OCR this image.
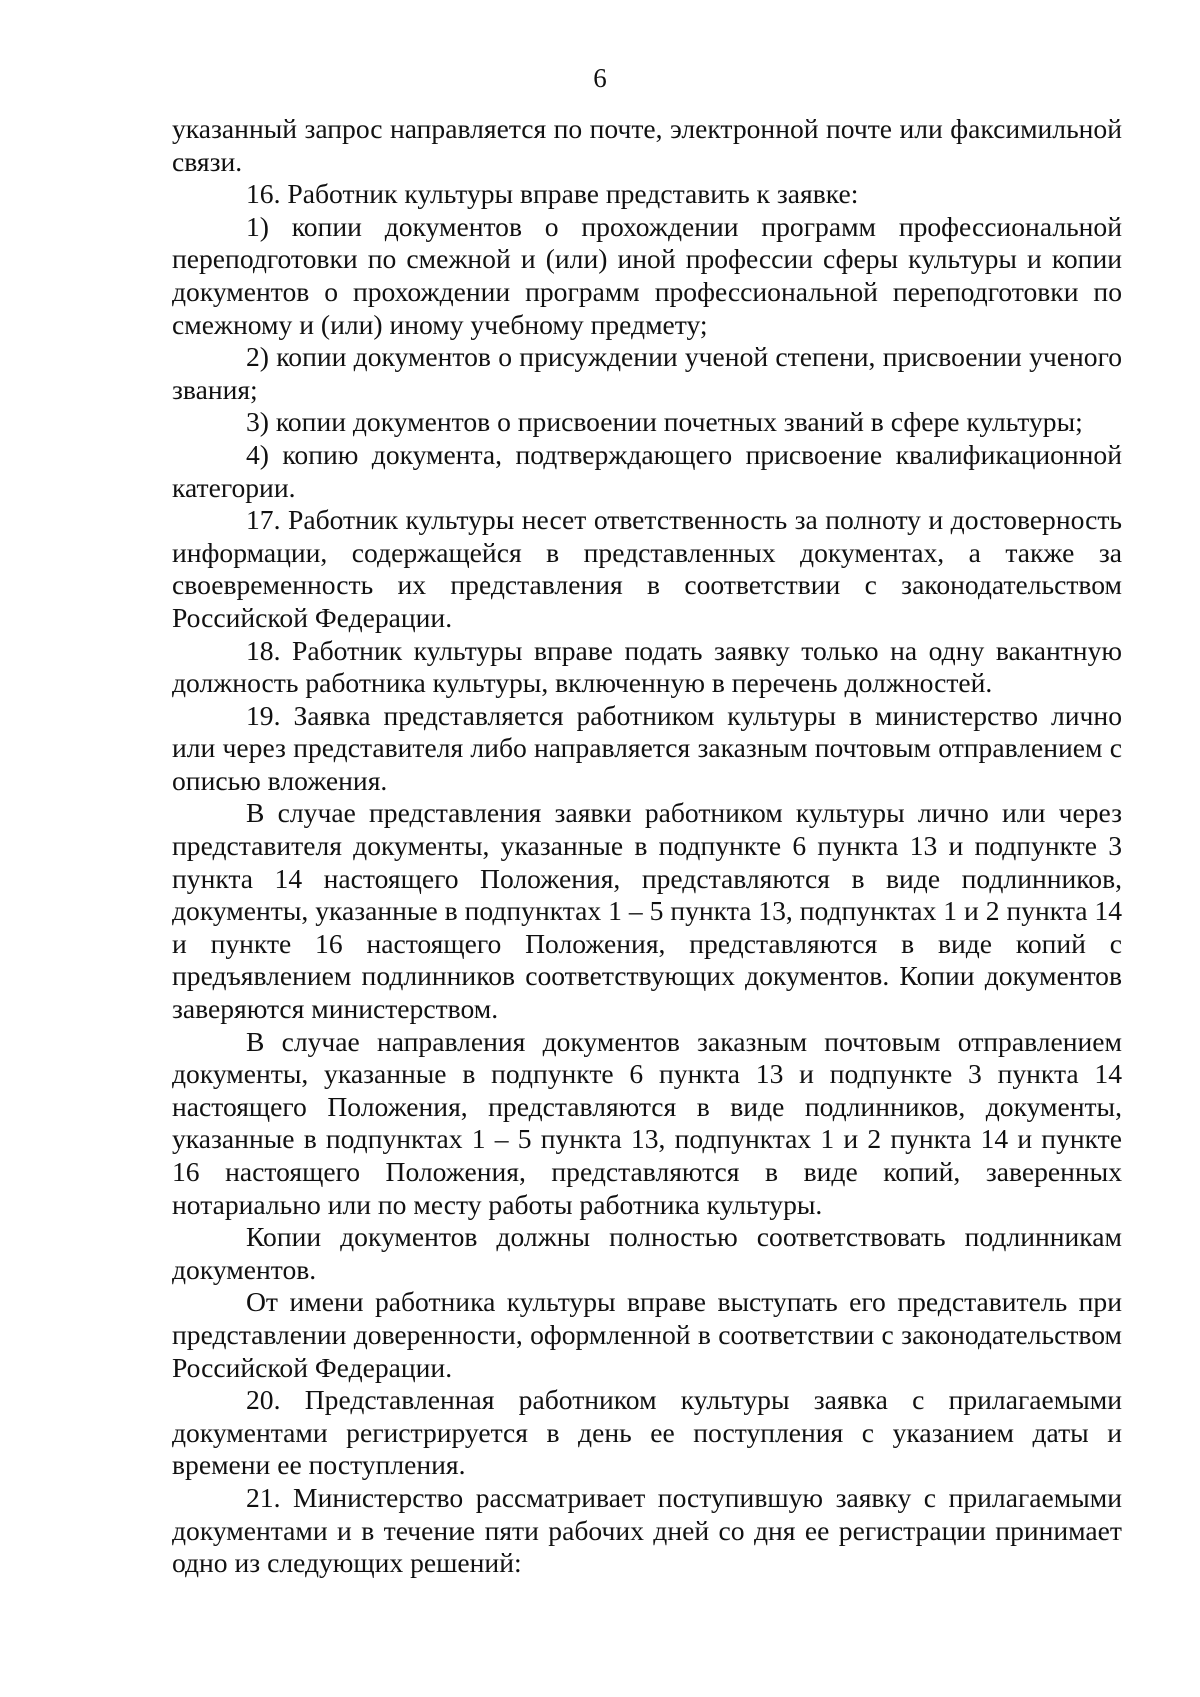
6

указанный запрос направляется по почте, электронной почте или факсимильной связи.

16. Работник культуры вправе представить к заявке:

1) копии документов о прохождении программ профессиональной переподготовки по смежной и (или) иной профессии сферы культуры и копии документов о прохождении программ профессиональной переподготовки по смежному и (или) иному учебному предмету;

2) копии документов о присуждении ученой степени, присвоении ученого звания;

3) копии документов о присвоении почетных званий в сфере культуры;

4) копию документа, подтверждающего присвоение квалификационной категории.

17. Работник культуры несет ответственность за полноту и достоверность информации, содержащейся в представленных документах, а также за своевременность их представления в соответствии с законодательством Российской Федерации.

18. Работник культуры вправе подать заявку только на одну вакантную должность работника культуры, включенную в перечень должностей.

19. Заявка представляется работником культуры в министерство лично или через представителя либо направляется заказным почтовым отправлением с описью вложения.

В случае представления заявки работником культуры лично или через представителя документы, указанные в подпункте 6 пункта 13 и подпункте 3 пункта 14 настоящего Положения, представляются в виде подлинников, документы, указанные в подпунктах 1 – 5 пункта 13, подпунктах 1 и 2 пункта 14 и пункте 16 настоящего Положения, представляются в виде копий с предъявлением подлинников соответствующих документов. Копии документов заверяются министерством.

В случае направления документов заказным почтовым отправлением документы, указанные в подпункте 6 пункта 13 и подпункте 3 пункта 14 настоящего Положения, представляются в виде подлинников, документы, указанные в подпунктах 1 – 5 пункта 13, подпунктах 1 и 2 пункта 14 и пункте 16 настоящего Положения, представляются в виде копий, заверенных нотариально или по месту работы работника культуры.

Копии документов должны полностью соответствовать подлинникам документов.

От имени работника культуры вправе выступать его представитель при представлении доверенности, оформленной в соответствии с законодательством Российской Федерации.

20. Представленная работником культуры заявка с прилагаемыми документами регистрируется в день ее поступления с указанием даты и времени ее поступления.

21. Министерство рассматривает поступившую заявку с прилагаемыми документами и в течение пяти рабочих дней со дня ее регистрации принимает одно из следующих решений:
